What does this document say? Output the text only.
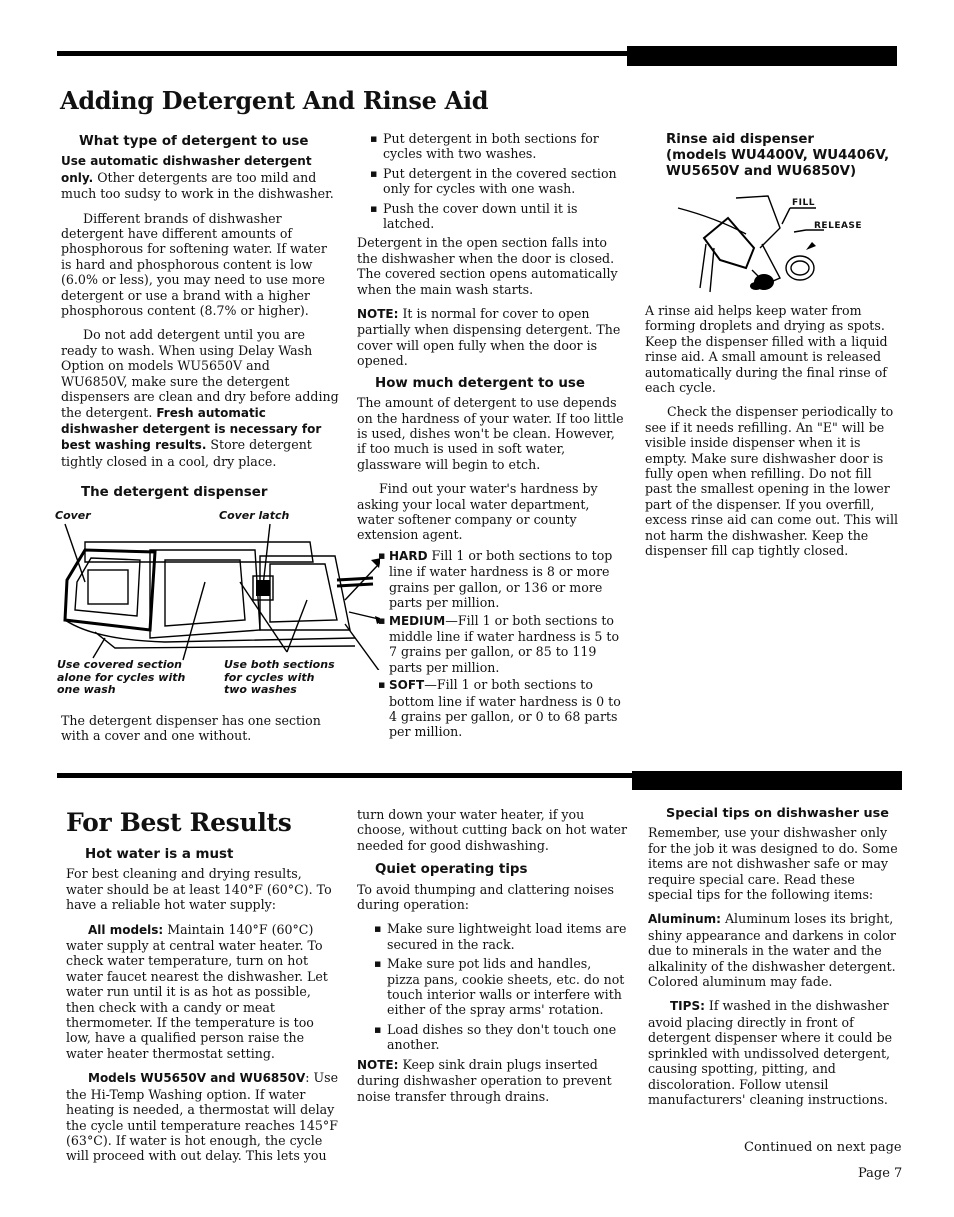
Adding Detergent And Rinse Aid
What type of detergent to use

Use automatic dishwasher detergent only. Other detergents are too mild and much too sudsy to work in the dishwasher.

Different brands of dishwasher detergent have different amounts of phosphorous for softening water. If water is hard and phosphorous content is low (6.0% or less), you may need to use more detergent or use a brand with a higher phosphorous content (8.7% or higher).

Do not add detergent until you are ready to wash. When using Delay Wash Option on models WU5650V and WU6850V, make sure the detergent dispensers are clean and dry before adding the detergent. Fresh automatic dishwasher detergent is necessary for best washing results. Store detergent tightly closed in a cool, dry place.

The detergent dispenser
Cover	Cover latch
Use covered section
alone for cycles with
one wash
Use both sections
for cycles with
two washes
The detergent dispenser has one section with a cover and one without.
▪ Put detergent in both sections for cycles with two washes.
▪ Put detergent in the covered section only for cycles with one wash.
▪ Push the cover down until it is latched.

Detergent in the open section falls into the dishwasher when the door is closed. The covered section opens automatically when the main wash starts.

NOTE: It is normal for cover to open partially when dispensing detergent. The cover will open fully when the door is opened.

How much detergent to use

The amount of detergent to use depends on the hardness of your water. If too little is used, dishes won't be clean. However, if too much is used in soft water, glassware will begin to etch.

Find out your water's hardness by asking your local water department, water softener company or county extension agent.

▪ HARD Fill 1 or both sections to top line if water hardness is 8 or more grains per gallon, or 136 or more parts per million.
▪ MEDIUM—Fill 1 or both sections to middle line if water hardness is 5 to 7 grains per gallon, or 85 to 119 parts per million.
▪ SOFT—Fill 1 or both sections to bottom line if water hardness is 0 to 4 grains per gallon, or 0 to 68 parts per million.
Rinse aid dispenser
(models WU4400V, WU4406V,
WU5650V and WU6850V)
FILL
RELEASE

A rinse aid helps keep water from forming droplets and drying as spots. Keep the dispenser filled with a liquid rinse aid. A small amount is released automatically during the final rinse of each cycle.

Check the dispenser periodically to see if it needs refilling. An "E" will be visible inside dispenser when it is empty. Make sure dishwasher door is fully open when refilling. Do not fill past the smallest opening in the lower part of the dispenser. If you overfill, excess rinse aid can come out. This will not harm the dishwasher. Keep the dispenser fill cap tightly closed.

For Best Results
Hot water is a must

For best cleaning and drying results, water should be at least 140°F (60°C). To have a reliable hot water supply:

All models: Maintain 140°F (60°C) water supply at central water heater. To check water temperature, turn on hot water faucet nearest the dishwasher. Let water run until it is as hot as possible, then check with a candy or meat thermometer. If the temperature is too low, have a qualified person raise the water heater thermostat setting.

Models WU5650V and WU6850V: Use the Hi-Temp Washing option. If water heating is needed, a thermostat will delay the cycle until temperature reaches 145°F (63°C). If water is hot enough, the cycle will proceed with out delay. This lets you

turn down your water heater, if you choose, without cutting back on hot water needed for good dishwashing.

Quiet operating tips

To avoid thumping and clattering noises during operation:

▪ Make sure lightweight load items are secured in the rack.
▪ Make sure pot lids and handles, pizza pans, cookie sheets, etc. do not touch interior walls or interfere with either of the spray arms' rotation.
▪ Load dishes so they don't touch one another.

NOTE: Keep sink drain plugs inserted during dishwasher operation to prevent noise transfer through drains.

Special tips on dishwasher use

Remember, use your dishwasher only for the job it was designed to do. Some items are not dishwasher safe or may require special care. Read these special tips for the following items:

Aluminum: Aluminum loses its bright, shiny appearance and darkens in color due to minerals in the water and the alkalinity of the dishwasher detergent. Colored aluminum may fade.

TIPS: If washed in the dishwasher avoid placing directly in front of detergent dispenser where it could be sprinkled with undissolved detergent, causing spotting, pitting, and discoloration. Follow utensil manufacturers' cleaning instructions.

Continued on next page
Page 7
